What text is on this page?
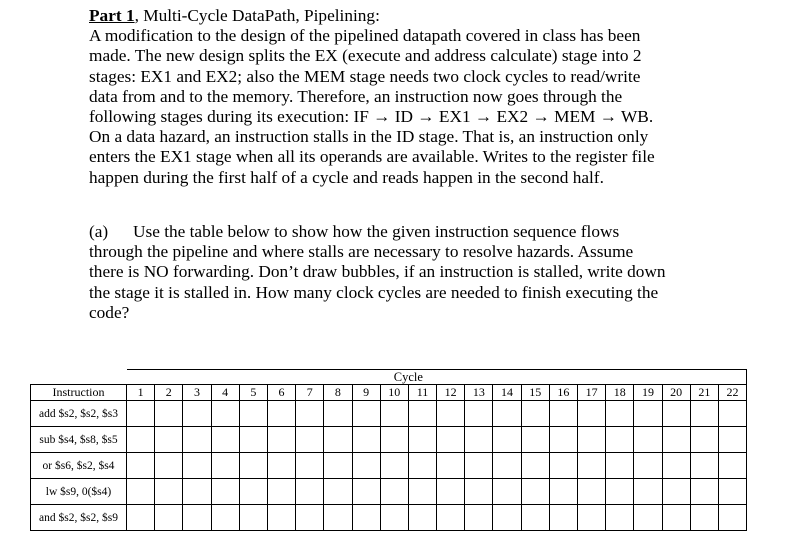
Part 1, Multi-Cycle DataPath, Pipelining:

A modification to the design of the pipelined datapath covered in class has been

made. The new design splits the EX (execute and address calculate) stage into 2

stages: EX1 and EX2; also the MEM stage needs two clock cycles to read/write

data from and to the memory. Therefore, an instruction now goes through the

following stages during its execution: IF → ID → EX1 → EX2 → MEM → WB.

On a data hazard, an instruction stalls in the ID stage. That is, an instruction only

enters the EX1 stage when all its operands are available. Writes to the register file

happen during the first half of a cycle and reads happen in the second half.

(a) Use the table below to show how the given instruction sequence flows

through the pipeline and where stalls are necessary to resolve hazards. Assume

there is NO forwarding. Don’t draw bubbles, if an instruction is stalled, write down

the stage it is stalled in. How many clock cycles are needed to finish executing the

code?

										Cycle												
Instruction	1	2	3	4	5	6	7	8	9	10	11	12	13	14	15	16	17	18	19	20	21	22
add $s2, $s2, $s3																						
sub $s4, $s8, $s5																						
or $s6, $s2, $s4																						
lw $s9, 0($s4)																						
and $s2, $s2, $s9																						
